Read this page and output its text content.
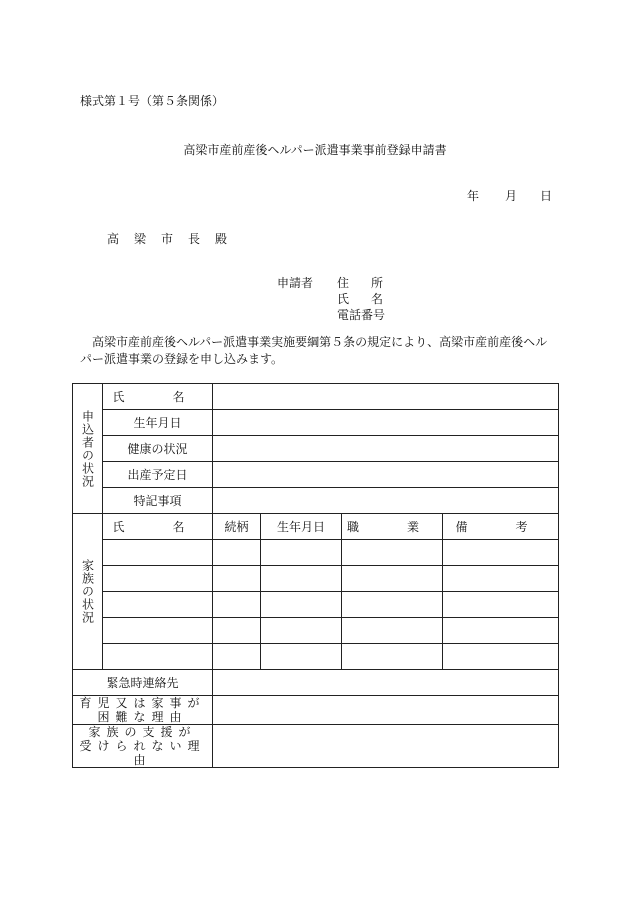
様式第１号（第５条関係）
高梁市産前産後ヘルパー派遣事業事前登録申請書
年 月 日
高梁市長殿
申請者 住所
氏名
電話番号
高梁市産前産後ヘルパー派遣事業実施要綱第５条の規定により、高梁市産前産後ヘルパー派遣事業の登録を申し込みます。
申込者の状況	氏　名				
	生年月日				
	健康の状況				
	出産予定日				
	特記事項				
家族の状況	氏　名	続柄	生年月日	職　業	備　考

緊急時連絡先					

育児又は家事が
困難な理由					

家族の支援が
受けられない理由					
